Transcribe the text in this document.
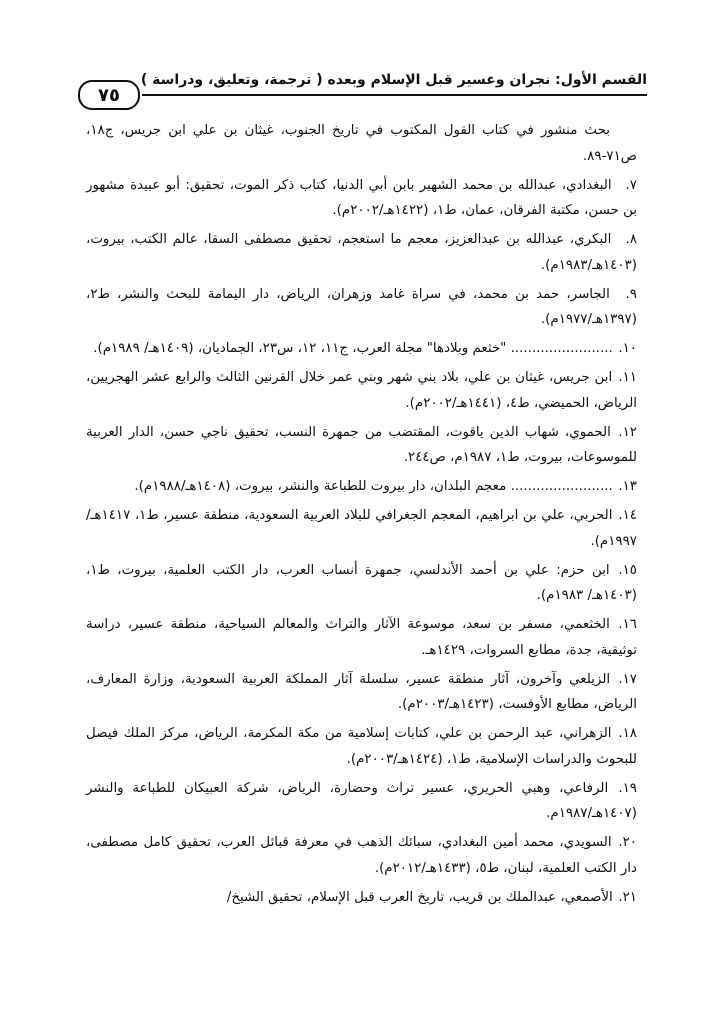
القسم الأول: نجران وعسير قبل الإسلام وبعده ( ترجمة، وتعليق، ودراسة )
٧٥

بحث منشور في كتاب القول المكتوب في تاريخ الجنوب، غيثان بن علي ابن جريس، ج١٨، ص٧١-٨٩.

٧. البغدادي، عبدالله بن محمد الشهير بابن أبي الدنيا، كتاب ذكر الموت، تحقيق: أبو عبيدة مشهور بن حسن، مكتبة الفرقان، عمان، ط١، (١٤٢٢هـ/٢٠٠٢م).

٨. البكري، عبدالله بن عبدالعزيز، معجم ما استعجم، تحقيق مصطفى السقا، عالم الكتب، بيروت، (١٤٠٣هـ/١٩٨٣م).

٩. الجاسر، حمد بن محمد، في سراة غامد وزهران، الرياض، دار اليمامة للبحث والنشر، ط٢، (١٣٩٧هـ/١٩٧٧م).

١٠. ........................ "خثعم وبلادها" مجلة العرب، ج١١، ١٢، س٢٣، الجماديان، (١٤٠٩هـ/ ١٩٨٩م).

١١. ابن جريس، غيثان بن علي، بلاد بني شهر وبني عمر خلال القرنين الثالث والرابع عشر الهجريين، الرياض، الحميضي، ط٤، (١٤٤١هـ/٢٠٠٢م).

١٢. الحموي، شهاب الدين ياقوت، المقتضب من جمهرة النسب، تحقيق ناجي حسن، الدار العربية للموسوعات، بيروت، ط١، ١٩٨٧م، ص٢٤٤.

١٣. ........................ معجم البلدان، دار بيروت للطباعة والنشر، بيروت، (١٤٠٨هـ/١٩٨٨م).

١٤. الحربي، علي بن ابراهيم، المعجم الجغرافي للبلاد العربية السعودية، منطقة عسير، ط١، ١٤١٧هـ/ ١٩٩٧م).

١٥. ابن حزم: علي بن أحمد الأندلسي، جمهرة أنساب العرب، دار الكتب العلمية، بيروت، ط١، (١٤٠٣هـ/ ١٩٨٣م).

١٦. الخثعمي، مسفر بن سعد، موسوعة الآثار والتراث والمعالم السياحية، منطقة عسير، دراسة توثيقية، جدة، مطابع السروات، ١٤٢٩هـ.

١٧. الزيلعي وآخرون، آثار منطقة عسير، سلسلة آثار المملكة العربية السعودية، وزارة المعارف، الرياض، مطابع الأوفست، (١٤٢٣هـ/٢٠٠٣م).

١٨. الزهراني، عبد الرحمن بن علي، كتابات إسلامية من مكة المكرمة، الرياض، مركز الملك فيصل للبحوث والدراسات الإسلامية، ط١، (١٤٢٤هـ/٢٠٠٣م).

١٩. الرفاعي، وهبي الحريري، عسير تراث وحضارة، الرياض، شركة العبيكان للطباعة والنشر (١٤٠٧هـ/١٩٨٧م.

٢٠. السويدي، محمد أمين البغدادي، سبائك الذهب في معرفة قبائل العرب، تحقيق كامل مصطفى، دار الكتب العلمية، لبنان، ط٥، (١٤٣٣هـ/٢٠١٢م).

٢١. الأصمعي، عبدالملك بن قريب، تاريخ العرب قبل الإسلام، تحقيق الشيخ/
